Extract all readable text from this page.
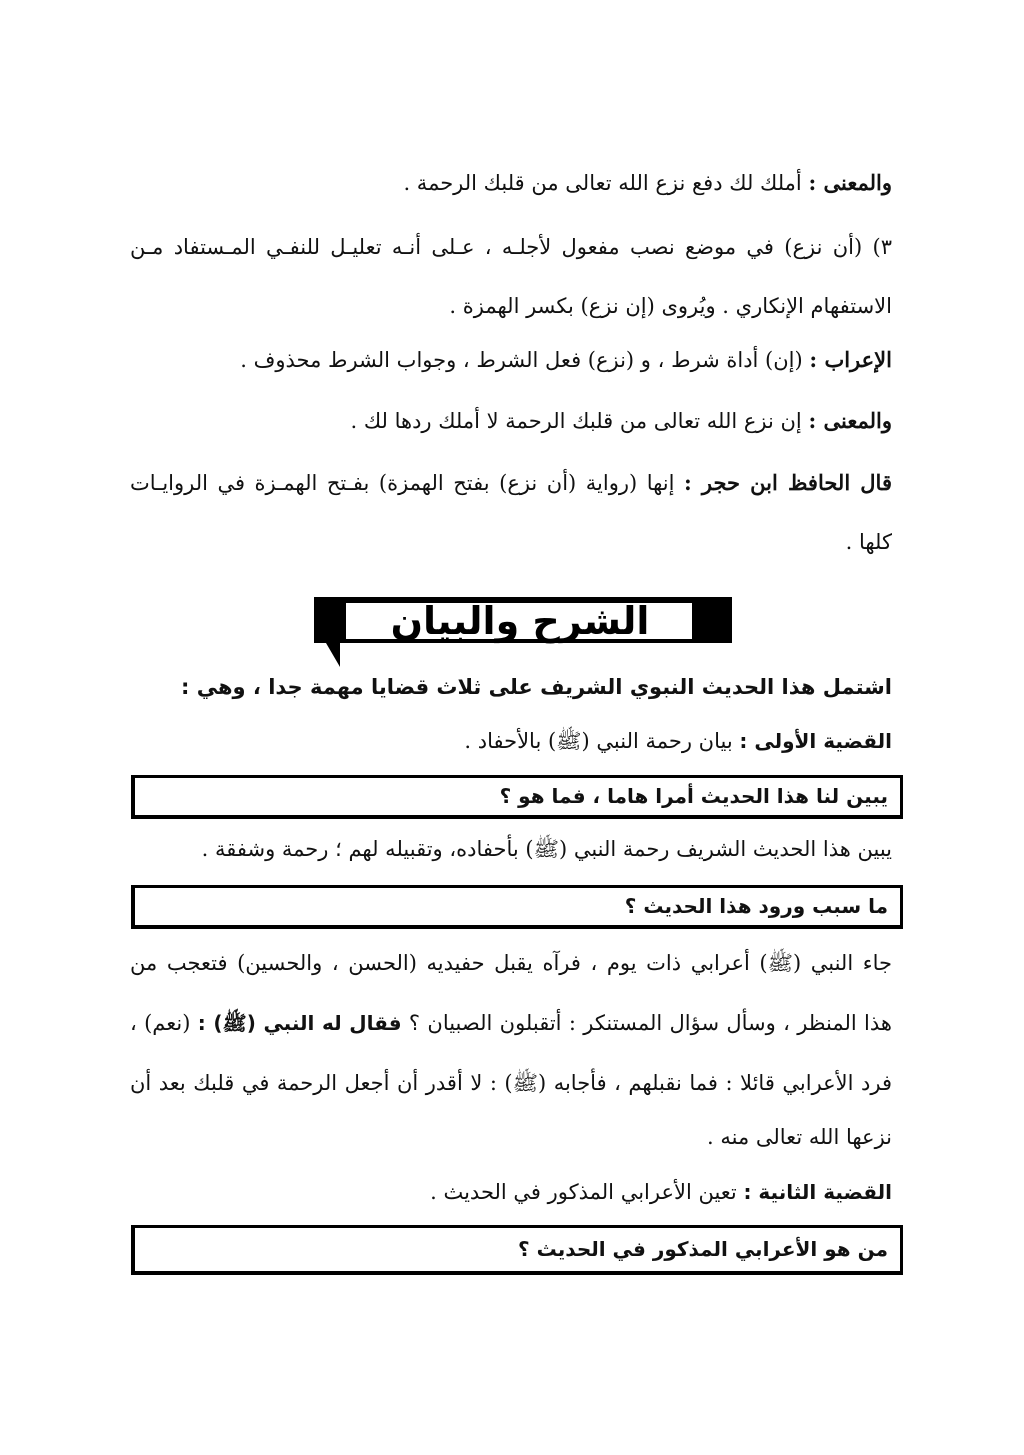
والمعنى : أملك لك دفع نزع الله تعالى من قلبك الرحمة .
٣) (أن نزع) في موضع نصب مفعول لأجلـه ، عـلى أنـه تعليـل للنفـي المـستفاد مـن
الاستفهام الإنكاري . ويُروى (إن نزع) بكسر الهمزة .
الإعراب : (إن) أداة شرط ، و (نزع) فعل الشرط ، وجواب الشرط محذوف .
والمعنى : إن نزع الله تعالى من قلبك الرحمة لا أملك ردها لك .
قال الحافظ ابن حجر : إنها (رواية (أن نزع) بفتح الهمزة) بفـتح الهمـزة في الروايـات
كلها .
الشرح والبيان
اشتمل هذا الحديث النبوي الشريف على ثلاث قضايا مهمة جدا ، وهي :
القضية الأولى : بيان رحمة النبي (ﷺ) بالأحفاد .
يبين لنا هذا الحديث أمرا هاما ، فما هو ؟
يبين هذا الحديث الشريف رحمة النبي (ﷺ) بأحفاده، وتقبيله لهم ؛ رحمة وشفقة .
ما سبب ورود هذا الحديث ؟
جاء النبي (ﷺ) أعرابي ذات يوم ، فرآه يقبل حفيديه (الحسن ، والحسين) فتعجب من
هذا المنظر ، وسأل سؤال المستنكر : أتقبلون الصبيان ؟ فقال له النبي (ﷺ) : (نعم) ،
فرد الأعرابي قائلا : فما نقبلهم ، فأجابه (ﷺ) : لا أقدر أن أجعل الرحمة في قلبك بعد أن
نزعها الله تعالى منه .
القضية الثانية : تعين الأعرابي المذكور في الحديث .
من هو الأعرابي المذكور في الحديث ؟
